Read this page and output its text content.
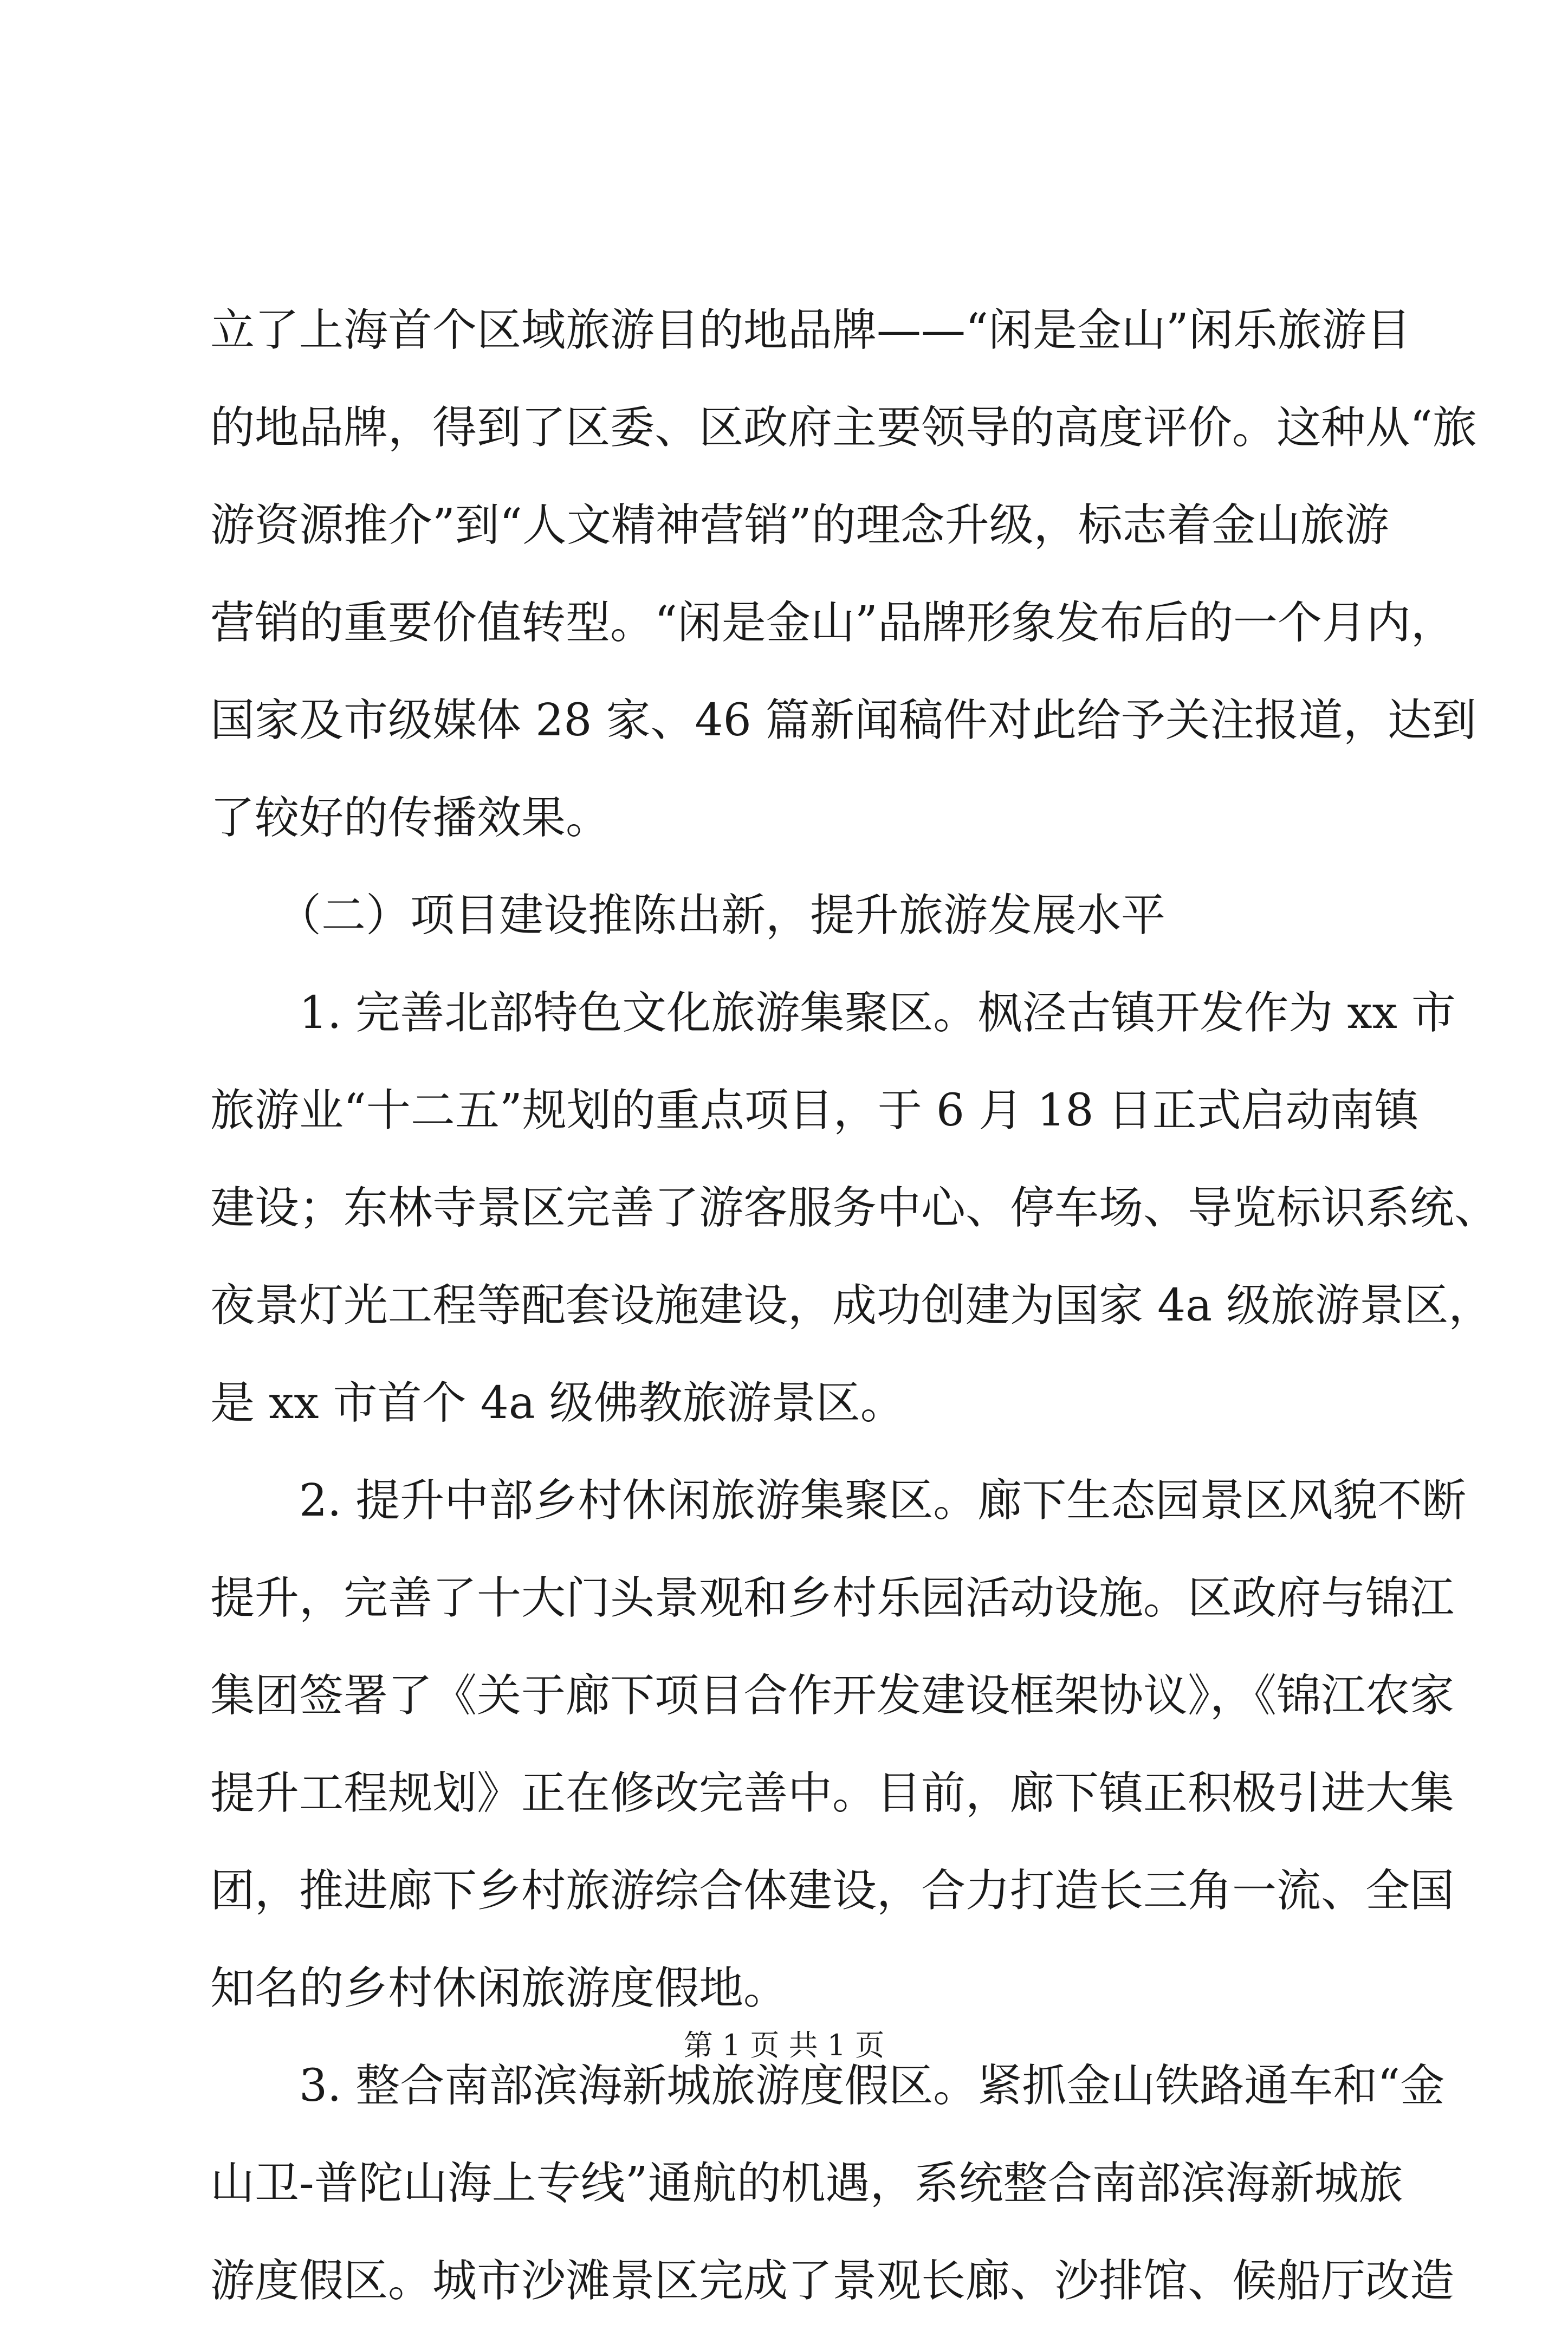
立了上海首个区域旅游目的地品牌——“闲是金山”闲乐旅游目
的地品牌，得到了区委、区政府主要领导的高度评价。这种从“旅
游资源推介”到“人文精神营销”的理念升级，标志着金山旅游
营销的重要价值转型。“闲是金山”品牌形象发布后的一个月内，
国家及市级媒体 28 家、46 篇新闻稿件对此给予关注报道，达到
了较好的传播效果。
　　（二）项目建设推陈出新，提升旅游发展水平
　　1. 完善北部特色文化旅游集聚区。枫泾古镇开发作为 xx 市
旅游业“十二五”规划的重点项目，于 6 月 18 日正式启动南镇
建设；东林寺景区完善了游客服务中心、停车场、导览标识系统、
夜景灯光工程等配套设施建设，成功创建为国家 4a 级旅游景区，
是 xx 市首个 4a 级佛教旅游景区。
　　2. 提升中部乡村休闲旅游集聚区。廊下生态园景区风貌不断
提升，完善了十大门头景观和乡村乐园活动设施。区政府与锦江
集团签署了《关于廊下项目合作开发建设框架协议》，《锦江农家
提升工程规划》正在修改完善中。目前，廊下镇正积极引进大集
团，推进廊下乡村旅游综合体建设，合力打造长三角一流、全国
知名的乡村休闲旅游度假地。
　　3. 整合南部滨海新城旅游度假区。紧抓金山铁路通车和“金
山卫-普陀山海上专线”通航的机遇，系统整合南部滨海新城旅
游度假区。城市沙滩景区完成了景观长廊、沙排馆、候船厅改造
第 1 页 共 1 页
